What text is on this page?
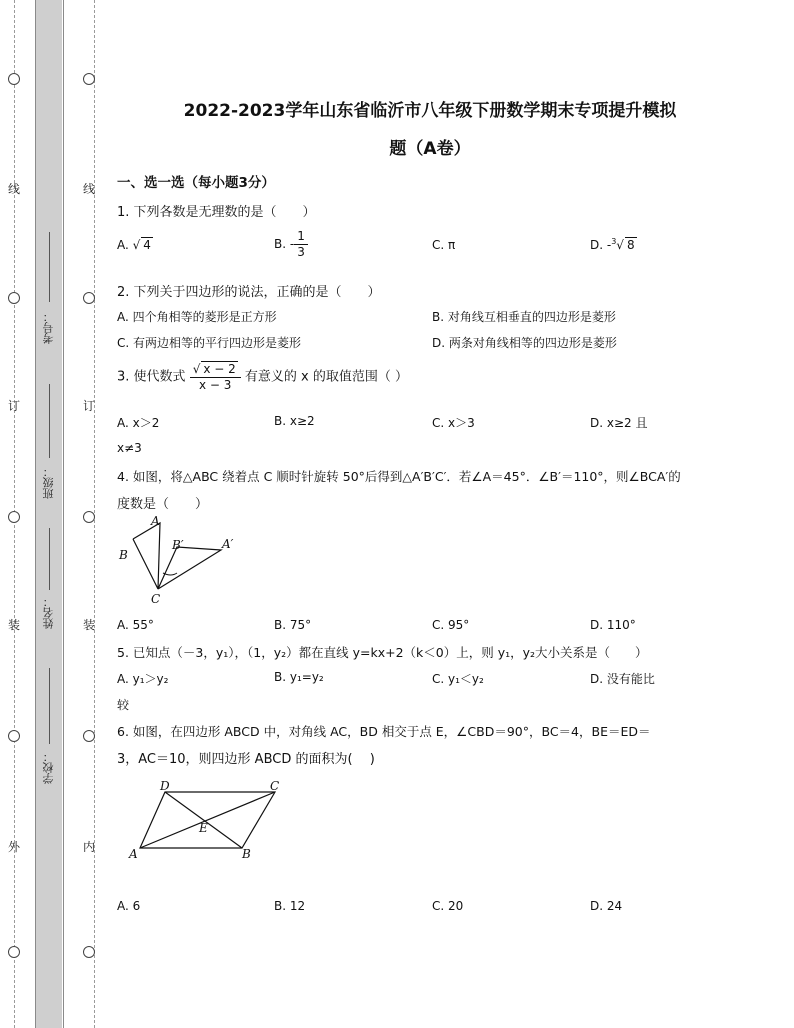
线
订
装
外
线
订
装
内
考号：
班级：
姓名：
学校：
2022-2023学年山东省临沂市八年级下册数学期末专项提升模拟
题（A卷）
一、选一选（每小题3分）
1. 下列各数是无理数的是（　　）
A. √ 4	B. - $\frac{1}{3}$	C. π	D. -$^3$√ 8
2. 下列关于四边形的说法，正确的是（　　）
A. 四个角相等的菱形是正方形	B. 对角线互相垂直的四边形是菱形
C. 有两边相等的平行四边形是菱形	D. 两条对角线相等的四边形是菱形
3. 使代数式 $\frac{√ x - 2}{x - 3}$ 有意义的 x 的取值范围（ ）
A. x＞2	B. x≥2	C. x＞3	D. x≥2 且
x≠3
4. 如图，将△ABC 绕着点 C 顺时针旋转 50°后得到△A′B′C′．若∠A＝45°．∠B′＝110°，则∠BCA′的
度数是（　　）
A
B
B′	A′
C
A. 55°	B. 75°	C. 95°	D. 110°
5. 已知点（－3，y₁），（1，y₂）都在直线 y=kx+2（k＜0）上，则 y₁，y₂大小关系是（　　）
A. y₁＞y₂	B. y₁=y₂	C. y₁＜y₂	D. 没有能比
较
6. 如图，在四边形 ABCD 中，对角线 AC，BD 相交于点 E，∠CBD＝90°，BC＝4，BE＝ED＝
3，AC＝10，则四边形 ABCD 的面积为(　 )
D	C
E
A	B
A. 6	B. 12	C. 20	D. 24
